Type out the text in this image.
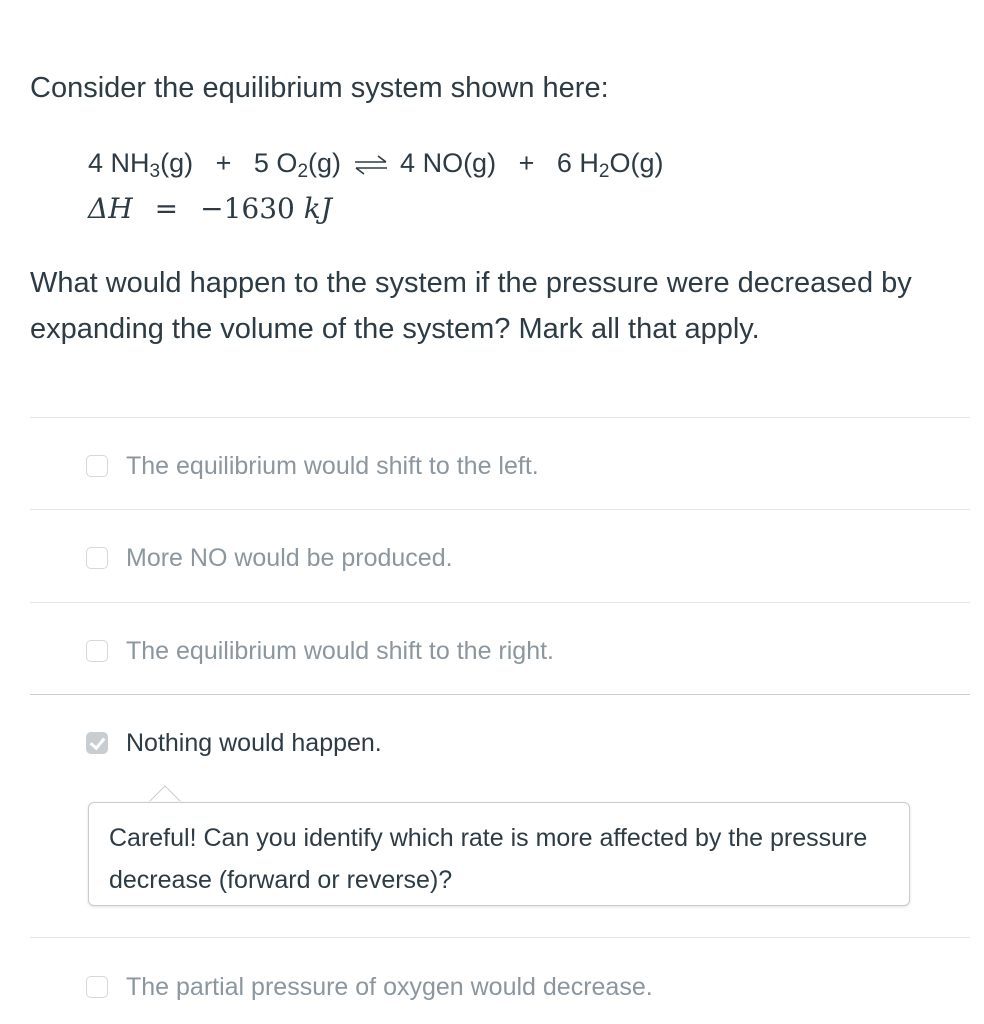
Consider the equilibrium system shown here:
4 $NH_3(g) + 5$ $O_2(g)$ ⇌ 4 NO(g) + 6 $H_2O(g)$
ΔH = −1630 kJ
What would happen to the system if the pressure were decreased by expanding the volume of the system? Mark all that apply.
The equilibrium would shift to the left.
More NO would be produced.
The equilibrium would shift to the right.
Nothing would happen.
Careful! Can you identify which rate is more affected by the pressure decrease (forward or reverse)?
The partial pressure of oxygen would decrease.
